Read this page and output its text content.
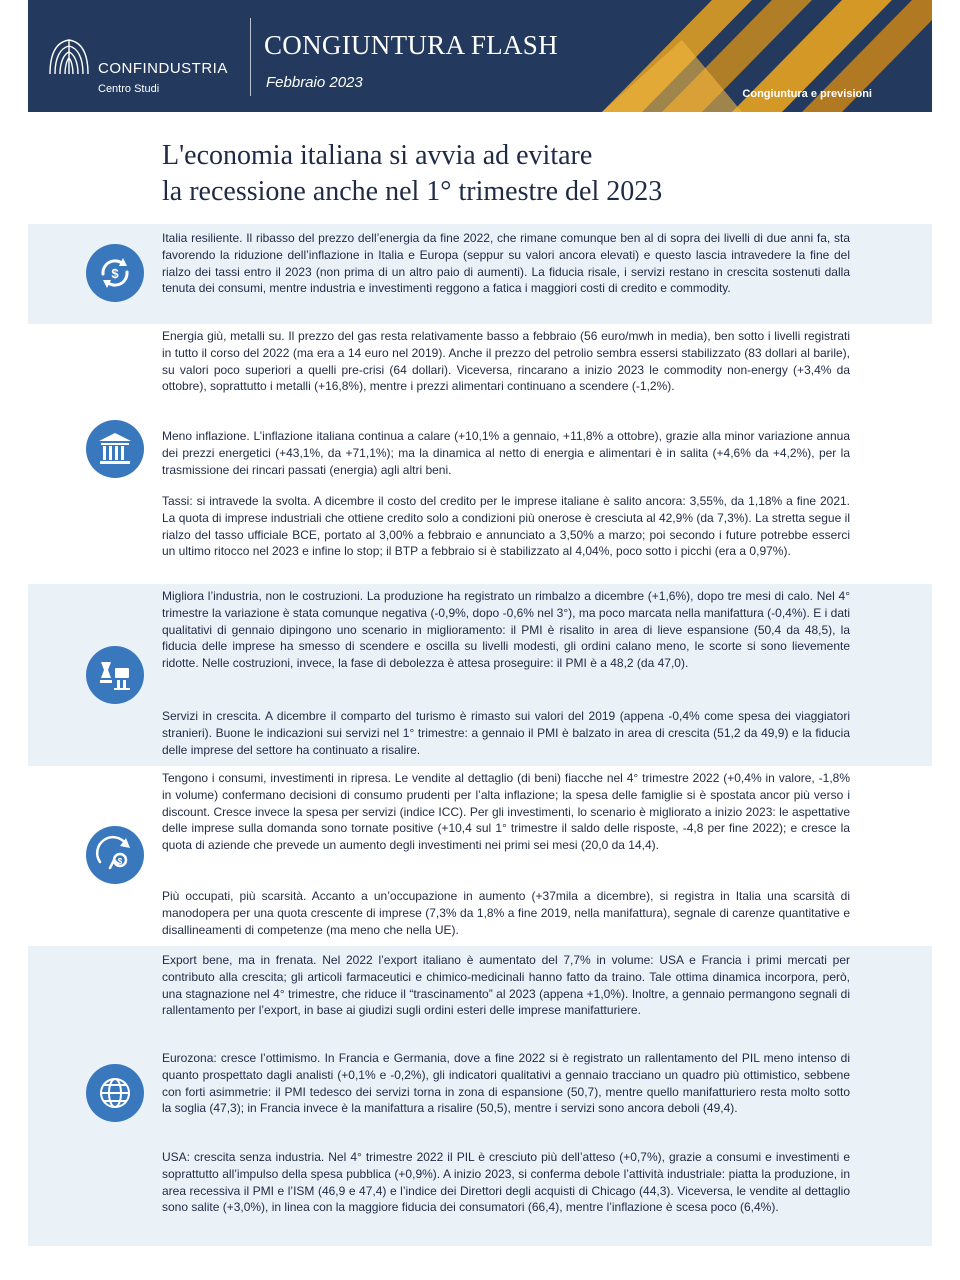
CONFINDUSTRIA
Centro Studi
CONGIUNTURA FLASH
Febbraio 2023
Congiuntura e previsioni
L'economia italiana si avvia ad evitare
la recessione anche nel 1° trimestre del 2023
$
Italia resiliente. Il ribasso del prezzo dell’energia da fine 2022, che rimane comunque ben al di sopra dei livelli di due anni fa, sta favorendo la riduzione dell’inflazione in Italia e Europa (seppur su valori ancora elevati) e questo lascia intravedere la fine del rialzo dei tassi entro il 2023 (non prima di un altro paio di aumenti). La fiducia risale, i servizi restano in crescita sostenuti dalla tenuta dei consumi, mentre industria e investimenti reggono a fatica i maggiori costi di credito e commodity.
Energia giù, metalli su. Il prezzo del gas resta relativamente basso a febbraio (56 euro/mwh in media), ben sotto i livelli registrati in tutto il corso del 2022 (ma era a 14 euro nel 2019). Anche il prezzo del petrolio sembra essersi stabilizzato (83 dollari al barile), su valori poco superiori a quelli pre-crisi (64 dollari). Viceversa, rincarano a inizio 2023 le commodity non-energy (+3,4% da ottobre), soprattutto i metalli (+16,8%), mentre i prezzi alimentari continuano a scendere (-1,2%).
Meno inflazione. L’inflazione italiana continua a calare (+10,1% a gennaio, +11,8% a ottobre), grazie alla minor variazione annua dei prezzi energetici (+43,1%, da +71,1%); ma la dinamica al netto di energia e alimentari è in salita (+4,6% da +4,2%), per la trasmissione dei rincari passati (energia) agli altri beni.
Tassi: si intravede la svolta. A dicembre il costo del credito per le imprese italiane è salito ancora: 3,55%, da 1,18% a fine 2021. La quota di imprese industriali che ottiene credito solo a condizioni più onerose è cresciuta al 42,9% (da 7,3%). La stretta segue il rialzo del tasso ufficiale BCE, portato al 3,00% a febbraio e annunciato a 3,50% a marzo; poi secondo i future potrebbe esserci un ultimo ritocco nel 2023 e infine lo stop; il BTP a febbraio si è stabilizzato al 4,04%, poco sotto i picchi (era a 0,97%).
Migliora l’industria, non le costruzioni. La produzione ha registrato un rimbalzo a dicembre (+1,6%), dopo tre mesi di calo. Nel 4° trimestre la variazione è stata comunque negativa (-0,9%, dopo -0,6% nel 3°), ma poco marcata nella manifattura (-0,4%). E i dati qualitativi di gennaio dipingono uno scenario in miglioramento: il PMI è risalito in area di lieve espansione (50,4 da 48,5), la fiducia delle imprese ha smesso di scendere e oscilla su livelli modesti, gli ordini calano meno, le scorte si sono lievemente ridotte. Nelle costruzioni, invece, la fase di debolezza è attesa proseguire: il PMI è a 48,2 (da 47,0).
Servizi in crescita. A dicembre il comparto del turismo è rimasto sui valori del 2019 (appena -0,4% come spesa dei viaggiatori stranieri). Buone le indicazioni sui servizi nel 1° trimestre: a gennaio il PMI è balzato in area di crescita (51,2 da 49,9) e la fiducia delle imprese del settore ha continuato a risalire.
$
Tengono i consumi, investimenti in ripresa. Le vendite al dettaglio (di beni) fiacche nel 4° trimestre 2022 (+0,4% in valore, -1,8% in volume) confermano decisioni di consumo prudenti per l’alta inflazione; la spesa delle famiglie si è spostata ancor più verso i discount. Cresce invece la spesa per servizi (indice ICC). Per gli investimenti, lo scenario è migliorato a inizio 2023: le aspettative delle imprese sulla domanda sono tornate positive (+10,4 sul 1° trimestre il saldo delle risposte, -4,8 per fine 2022); e cresce la quota di aziende che prevede un aumento degli investimenti nei primi sei mesi (20,0 da 14,4).
Più occupati, più scarsità. Accanto a un’occupazione in aumento (+37mila a dicembre), si registra in Italia una scarsità di manodopera per una quota crescente di imprese (7,3% da 1,8% a fine 2019, nella manifattura), segnale di carenze quantitative e disallineamenti di competenze (ma meno che nella UE).
Export bene, ma in frenata. Nel 2022 l’export italiano è aumentato del 7,7% in volume: USA e Francia i primi mercati per contributo alla crescita; gli articoli farmaceutici e chimico-medicinali hanno fatto da traino. Tale ottima dinamica incorpora, però, una stagnazione nel 4° trimestre, che riduce il “trascinamento” al 2023 (appena +1,0%). Inoltre, a gennaio permangono segnali di rallentamento per l’export, in base ai giudizi sugli ordini esteri delle imprese manifatturiere.
Eurozona: cresce l’ottimismo. In Francia e Germania, dove a fine 2022 si è registrato un rallentamento del PIL meno intenso di quanto prospettato dagli analisti (+0,1% e -0,2%), gli indicatori qualitativi a gennaio tracciano un quadro più ottimistico, sebbene con forti asimmetrie: il PMI tedesco dei servizi torna in zona di espansione (50,7), mentre quello manifatturiero resta molto sotto la soglia (47,3); in Francia invece è la manifattura a risalire (50,5), mentre i servizi sono ancora deboli (49,4).
USA: crescita senza industria. Nel 4° trimestre 2022 il PIL è cresciuto più dell’atteso (+0,7%), grazie a consumi e investimenti e soprattutto all’impulso della spesa pubblica (+0,9%). A inizio 2023, si conferma debole l’attività industriale: piatta la produzione, in area recessiva il PMI e l’ISM (46,9 e 47,4) e l’indice dei Direttori degli acquisti di Chicago (44,3). Viceversa, le vendite al dettaglio sono salite (+3,0%), in linea con la maggiore fiducia dei consumatori (66,4), mentre l’inflazione è scesa poco (6,4%).
